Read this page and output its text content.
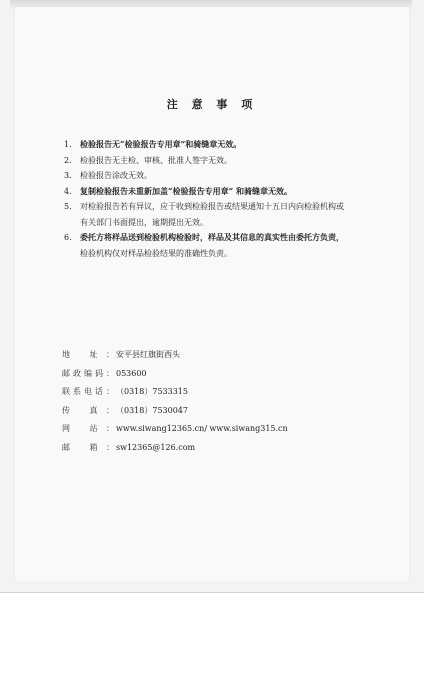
注 意 事 项
1.	检验报告无“检验报告专用章”和骑缝章无效。
2.	检验报告无主检、审核、批准人签字无效。
3.	检验报告涂改无效。
4.	复制检验报告未重新加盖“检验报告专用章” 和骑缝章无效。
5.	对检验报告若有异议，应于收到检验报告或结果通知十五日内向检验机构或
有关部门书面提出，逾期提出无效。
6.	委托方将样品送到检验机构检验时，样品及其信息的真实性由委托方负责，
检验机构仅对样品检验结果的准确性负责。
地 址： 安平县红旗街西头
邮政编码： 053600
联系电话： （0318）7533315
传 真： （0318）7530047
网 站： www.siwang12365.cn/ www.siwang315.cn
邮 箱： sw12365@126.com
